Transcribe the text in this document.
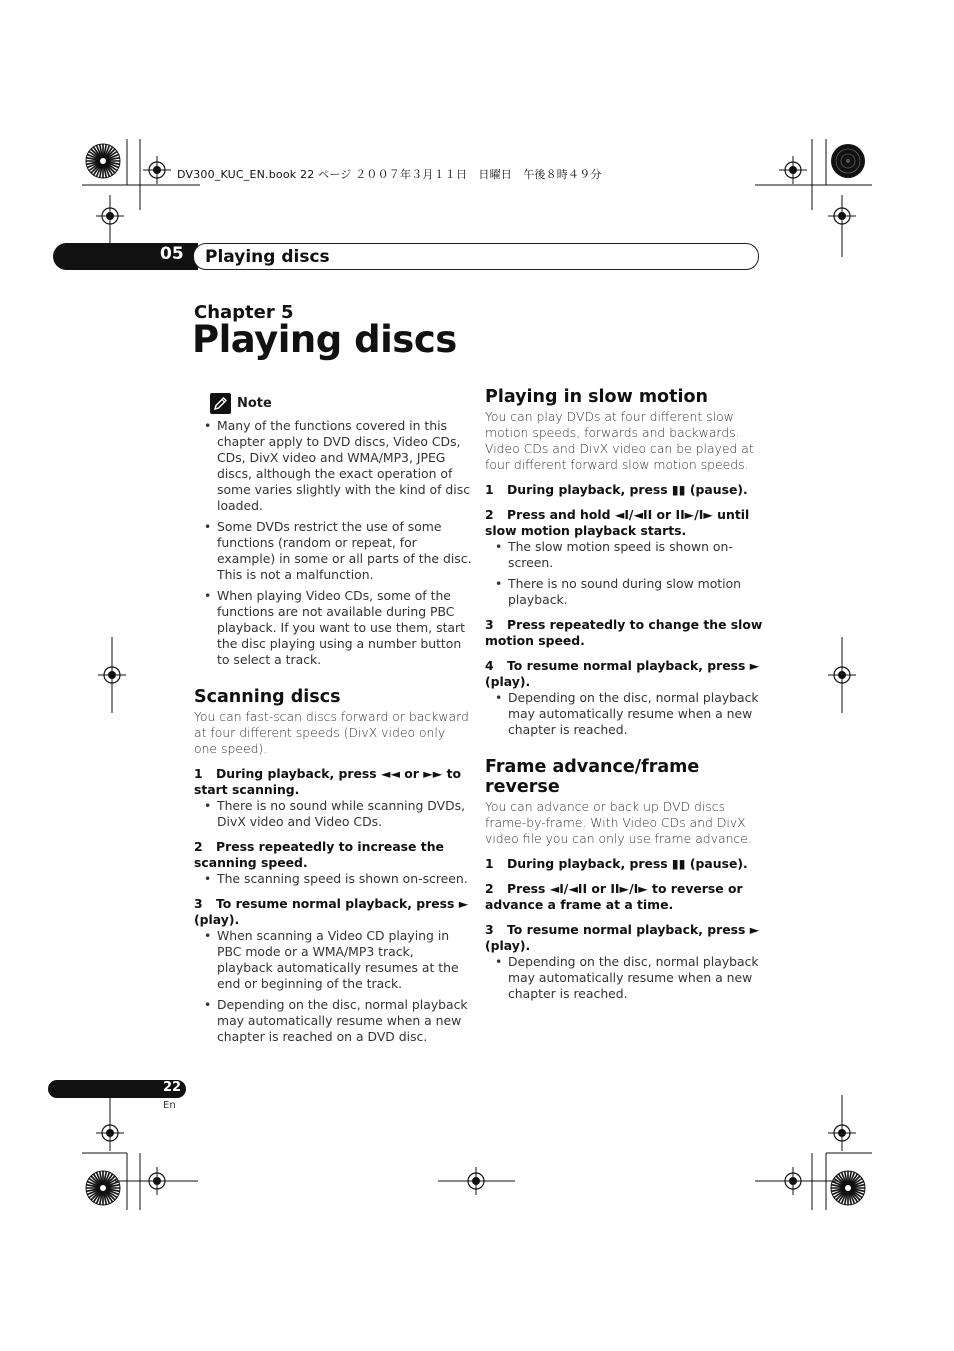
DV300_KUC_EN.book 22 ページ ２００７年３月１１日　日曜日　午後８時４９分
05 Playing discs
Chapter 5
Playing discs
Note
• Many of the functions covered in this chapter apply to DVD discs, Video CDs, CDs, DivX video and WMA/MP3, JPEG discs, although the exact operation of some varies slightly with the kind of disc loaded.
• Some DVDs restrict the use of some functions (random or repeat, for example) in some or all parts of the disc. This is not a malfunction.
• When playing Video CDs, some of the functions are not available during PBC playback. If you want to use them, start the disc playing using a number button to select a track.
Scanning discs

You can fast-scan discs forward or backward at four different speeds (DivX video only one speed).

1 During playback, press ◄◄ or ►► to start scanning.

• There is no sound while scanning DVDs, DivX video and Video CDs.

2 Press repeatedly to increase the scanning speed.

• The scanning speed is shown on-screen.

3 To resume normal playback, press ► (play).

• When scanning a Video CD playing in PBC mode or a WMA/MP3 track, playback automatically resumes at the end or beginning of the track.
• Depending on the disc, normal playback may automatically resume when a new chapter is reached on a DVD disc.
Playing in slow motion

You can play DVDs at four different slow motion speeds, forwards and backwards. Video CDs and DivX video can be played at four different forward slow motion speeds.

1 During playback, press ▮▮ (pause).

2 Press and hold ◄I/◄II or II►/I► until slow motion playback starts.

• The slow motion speed is shown on-screen.
• There is no sound during slow motion playback.

3 Press repeatedly to change the slow motion speed.

4 To resume normal playback, press ► (play).

• Depending on the disc, normal playback may automatically resume when a new chapter is reached.
Frame advance/frame reverse

You can advance or back up DVD discs frame-by-frame. With Video CDs and DivX video file you can only use frame advance.

1 During playback, press ▮▮ (pause).

2 Press ◄I/◄II or II►/I► to reverse or advance a frame at a time.

3 To resume normal playback, press ► (play).

• Depending on the disc, normal playback may automatically resume when a new chapter is reached.
22
En
